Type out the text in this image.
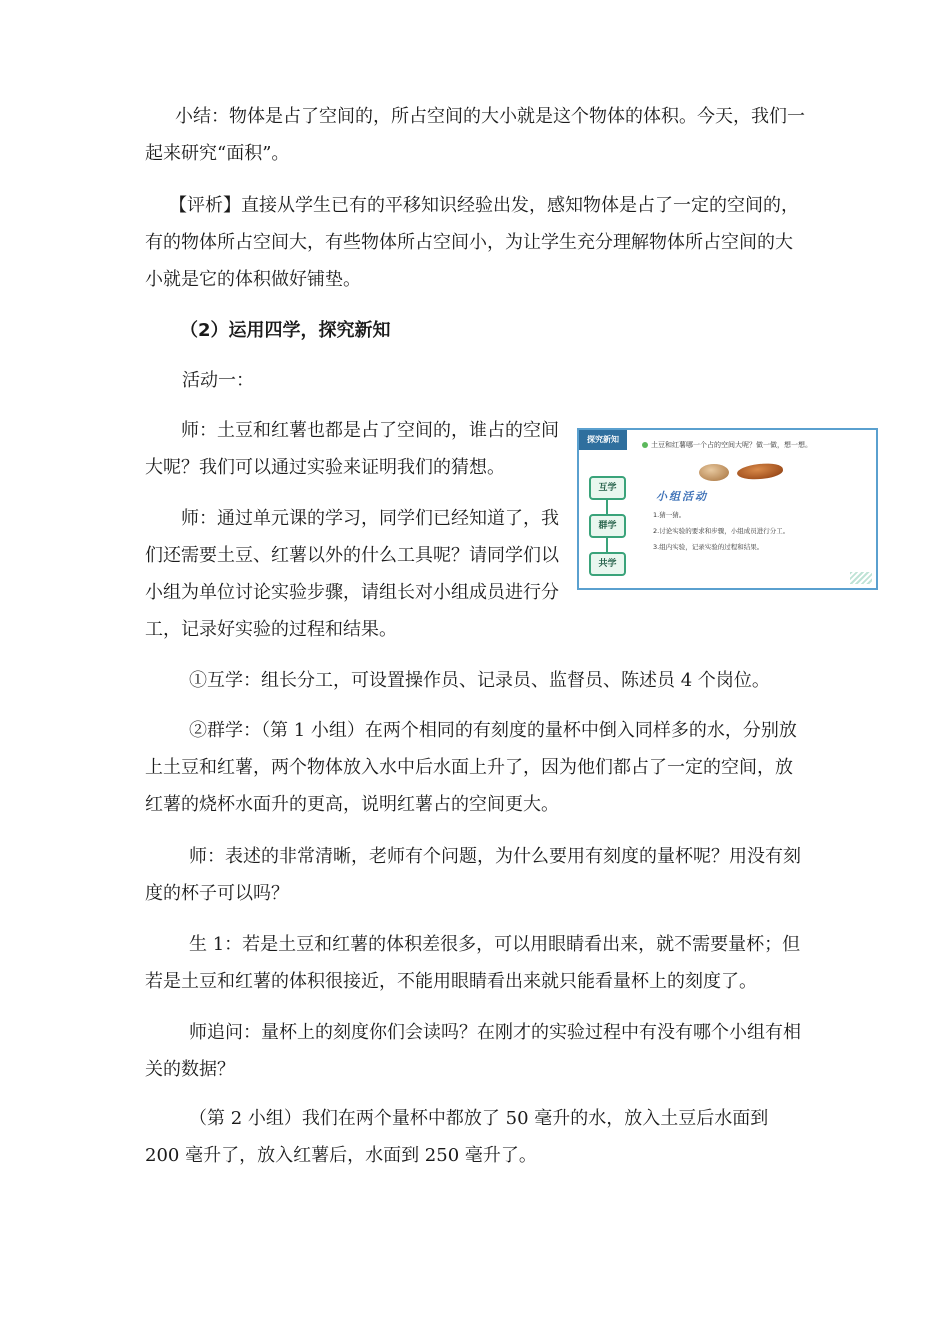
小结：物体是占了空间的，所占空间的大小就是这个物体的体积。今天，我们一起来研究“面积”。

【评析】直接从学生已有的平移知识经验出发，感知物体是占了一定的空间的，有的物体所占空间大，有些物体所占空间小，为让学生充分理解物体所占空间的大小就是它的体积做好铺垫。

（2）运用四学，探究新知

活动一：

师：土豆和红薯也都是占了空间的，谁占的空间大呢？我们可以通过实验来证明我们的猜想。

师：通过单元课的学习，同学们已经知道了，我们还需要土豆、红薯以外的什么工具呢？请同学们以小组为单位讨论实验步骤，请组长对小组成员进行分工，记录好实验的过程和结果。

探究新知
土豆和红薯哪一个占的空间大呢？做一做，想一想。
互学
群学
共学
小组活动
1.猜一猜。
2.讨论实验的要求和步骤，小组成员进行分工。
3.组内实验，记录实验的过程和结果。

①互学：组长分工，可设置操作员、记录员、监督员、陈述员 4 个岗位。

②群学：（第 1 小组）在两个相同的有刻度的量杯中倒入同样多的水，分别放上土豆和红薯，两个物体放入水中后水面上升了，因为他们都占了一定的空间，放红薯的烧杯水面升的更高，说明红薯占的空间更大。

师：表述的非常清晰，老师有个问题，为什么要用有刻度的量杯呢？用没有刻度的杯子可以吗？

生 1：若是土豆和红薯的体积差很多，可以用眼睛看出来，就不需要量杯；但若是土豆和红薯的体积很接近，不能用眼睛看出来就只能看量杯上的刻度了。

师追问：量杯上的刻度你们会读吗？在刚才的实验过程中有没有哪个小组有相关的数据？

（第 2 小组）我们在两个量杯中都放了 50 毫升的水，放入土豆后水面到 200 毫升了，放入红薯后，水面到 250 毫升了。
